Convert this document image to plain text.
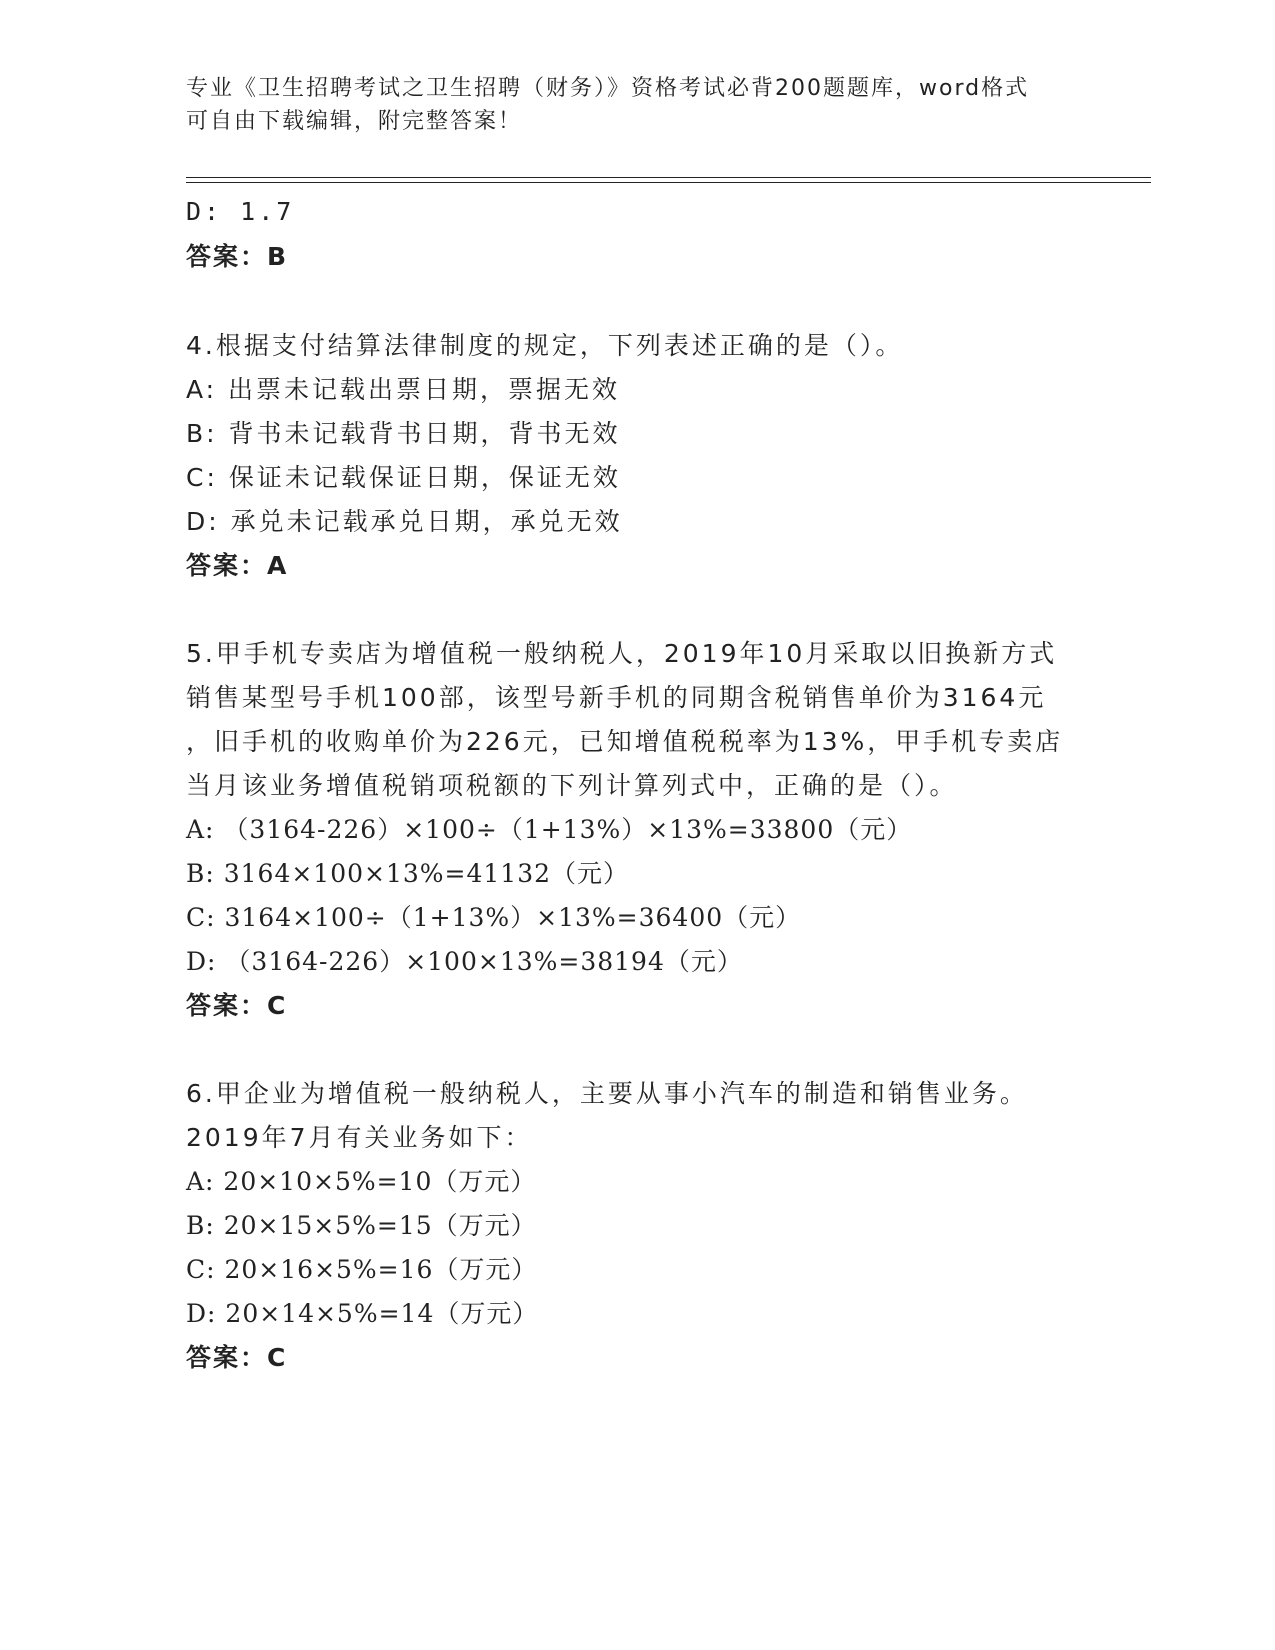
专业《卫生招聘考试之卫生招聘（财务）》资格考试必背200题题库，word格式
可自由下载编辑，附完整答案！
D: 1.7
答案：B
4.根据支付结算法律制度的规定，下列表述正确的是（）。
A: 出票未记载出票日期，票据无效
B: 背书未记载背书日期，背书无效
C: 保证未记载保证日期，保证无效
D: 承兑未记载承兑日期，承兑无效
答案：A
5.甲手机专卖店为增值税一般纳税人，2019年10月采取以旧换新方式
销售某型号手机100部，该型号新手机的同期含税销售单价为3164元
，旧手机的收购单价为226元，已知增值税税率为13%，甲手机专卖店
当月该业务增值税销项税额的下列计算列式中，正确的是（）。
A: （3164-226）×100÷（1+13%）×13%=33800（元）
B: 3164×100×13%=41132（元）
C: 3164×100÷（1+13%）×13%=36400（元）
D: （3164-226）×100×13%=38194（元）
答案：C
6.甲企业为增值税一般纳税人，主要从事小汽车的制造和销售业务。
2019年7月有关业务如下：
A: 20×10×5%=10（万元）
B: 20×15×5%=15（万元）
C: 20×16×5%=16（万元）
D: 20×14×5%=14（万元）
答案：C
